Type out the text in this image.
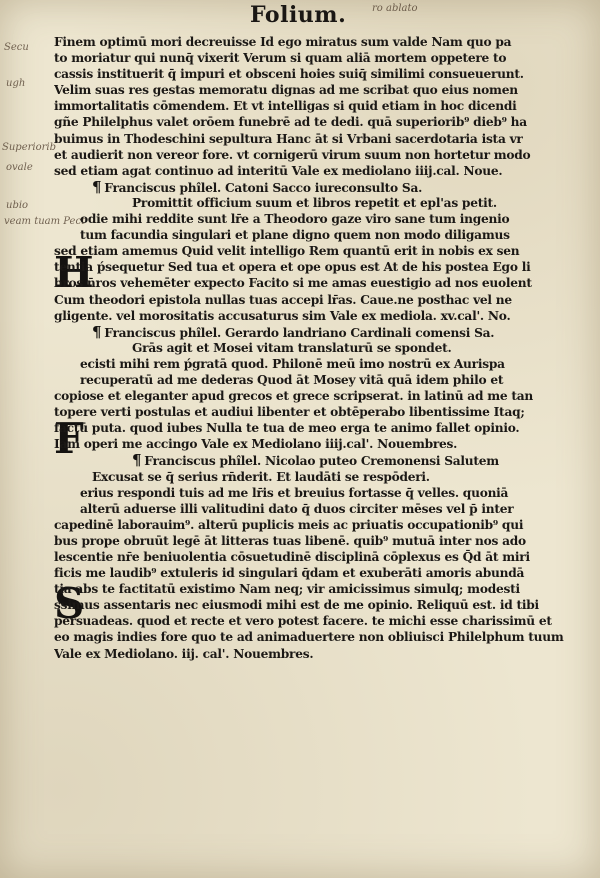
Folium.	ro ablato
Secu
ugh
Superiorib
ovale
ubio
veam tuam Pect
H
F
S
Finem optimū mori decreuisse Id ego miratus sum valde Nam quo pa
to moriatur qui nunq̄ vixerit Verum si quam aliā mortem oppetere to
cassis instituerit q̄ impuri et obsceni hoies suiq̄ similimi consueuerunt.
Velim suas res gestas memoratu dignas ad me scribat quo eius nomen
immortalitatis cōmendem. Et vt intelligas si quid etiam in hoc dicendi
gñe Philelphus valet orōem funebrē ad te dedi. quā superiorib⁹ dieb⁹ ha
buimus in Thodeschini sepultura Hanc āt si Vrbani sacerdotaria ista vr
et audierit non vereor fore. vt cornigerū virum suum non hortetur modo
sed etiam agat continuo ad interitū Vale ex mediolano iiij.cal. Noue.
¶ Franciscus phîlel. Catoni Sacco iureconsulto Sa.
Promittit officium suum et libros repetit et epl'as petit.
odie mihi reddite sunt lr̄e a Theodoro gaze viro sane tum ingenio
tum facundia singulari et plane digno quem non modo diligamus
sed etiam amemus Quid velit intelligo Rem quantū erit in nobis ex sen
tentia ṕsequetur Sed tua et opera et ope opus est At de his postea Ego li
bros n̄ros vehemēter expecto Facito si me amas euestigio ad nos euolent
Cum theodori epistola nullas tuas accepi lr̄as. Caue.ne posthac vel ne
gligente. vel morositatis accusaturus sim Vale ex mediola. xv.cal'. No.
¶ Franciscus phîlel. Gerardo landriano Cardinali comensi Sa.
Grās agit et Mosei vitam translaturū se spondet.
ecisti mihi rem ṕgratā quod. Philonē meū imo nostrū ex Aurispa
recuperatū ad me dederas Quod āt Mosey vitā quā idem philo et
copiose et eleganter apud grecos et grece scripserat. in latinū ad me tan
topere verti postulas et audiui libenter et obtēperabo libentissime Itaq;
factū puta. quod iubes Nulla te tua de meo erga te animo fallet opinio.
Iam operi me accingo Vale ex Mediolano iiij.cal'. Nouembres.
¶ Franciscus phîlel. Nicolao puteo Cremonensi Salutem
Excusat se q̄ serius rn̄derit. Et laudāti se respōderi.
erius respondi tuis ad me lr̄is et breuius fortasse q̄ velles. quoniā
alterū aduerse illi valitudini dato q̄ duos circiter mēses vel p̄ inter
capedinē laborauim⁹. alterū puplicis meis ac priuatis occupationib⁹ qui
bus prope obruūt legē āt litteras tuas libenē. quib⁹ mutuā inter nos ado
lescentie nr̄e beniuolentia cōsuetudinē disciplinā cōplexus es Q̄d āt miri
ficis me laudib⁹ extuleris id singulari q̄dam et exuberāti amoris abundā
tia abs te factitatū existimo Nam neq; vir amicissimus simulq; modesti
ssimus assentaris nec eiusmodi mihi est de me opinio. Reliquū est. id tibi
persuadeas. quod et recte et vero potest facere. te michi esse charissimū et
eo magis indies fore quo te ad animaduertere non obliuisci Philelphum tuum
Vale ex Mediolano. iij. cal'. Nouembres.
